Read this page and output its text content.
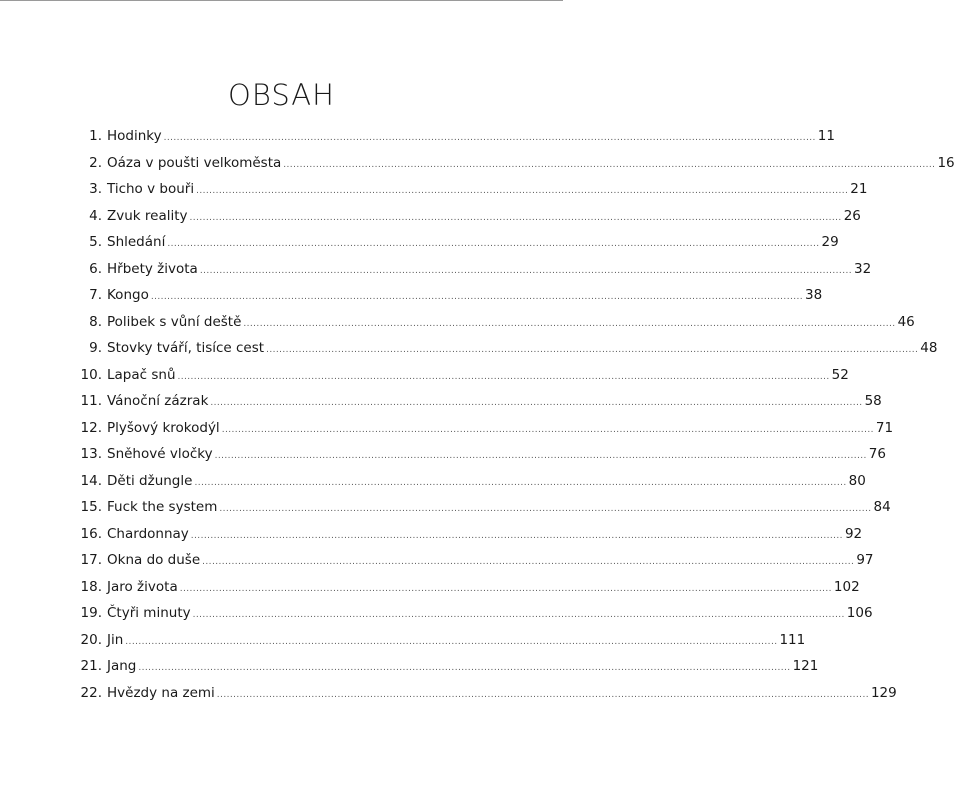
OBSAH
1. Hodinky ........................................................................................................................................................................................................ 11
2. Oáza v poušti velkoměsta ........................................................................................................................................................................................................ 16
3. Ticho v bouři ........................................................................................................................................................................................................ 21
4. Zvuk reality ........................................................................................................................................................................................................ 26
5. Shledání ........................................................................................................................................................................................................ 29
6. Hřbety života ........................................................................................................................................................................................................ 32
7. Kongo ........................................................................................................................................................................................................ 38
8. Polibek s vůní deště ........................................................................................................................................................................................................ 46
9. Stovky tváří, tisíce cest ........................................................................................................................................................................................................ 48
10. Lapač snů ........................................................................................................................................................................................................ 52
11. Vánoční zázrak ........................................................................................................................................................................................................ 58
12. Plyšový krokodýl ........................................................................................................................................................................................................ 71
13. Sněhové vločky ........................................................................................................................................................................................................ 76
14. Děti džungle ........................................................................................................................................................................................................ 80
15. Fuck the system ........................................................................................................................................................................................................ 84
16. Chardonnay ........................................................................................................................................................................................................ 92
17. Okna do duše ........................................................................................................................................................................................................ 97
18. Jaro života ........................................................................................................................................................................................................ 102
19. Čtyři minuty ........................................................................................................................................................................................................ 106
20. Jin ........................................................................................................................................................................................................ 111
21. Jang ........................................................................................................................................................................................................ 121
22. Hvězdy na zemi ........................................................................................................................................................................................................ 129
